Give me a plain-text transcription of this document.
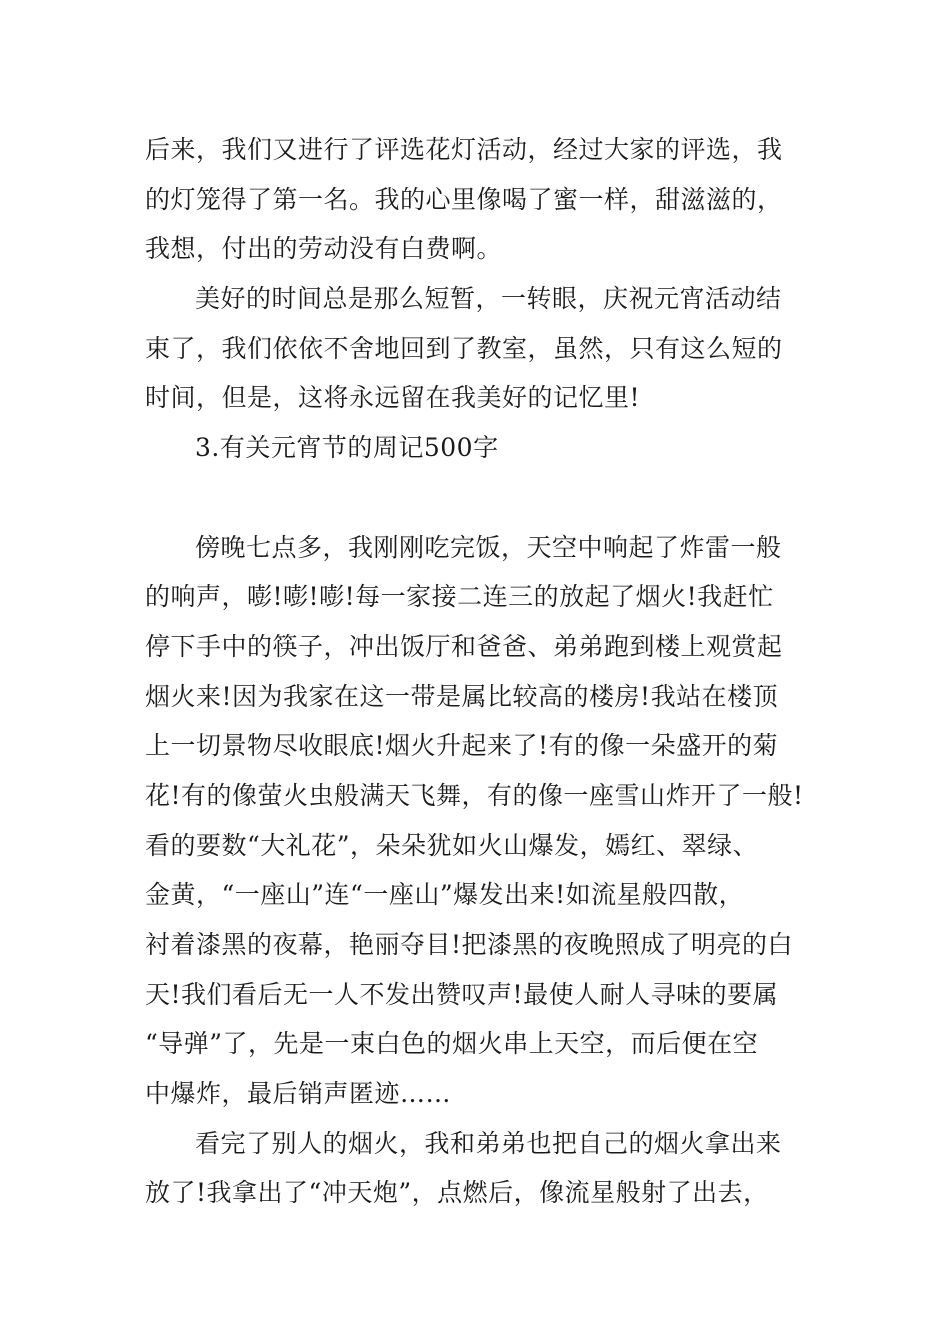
后来，我们又进行了评选花灯活动，经过大家的评选，我
的灯笼得了第一名。我的心里像喝了蜜一样，甜滋滋的，
我想，付出的劳动没有白费啊。
美好的时间总是那么短暂，一转眼，庆祝元宵活动结
束了，我们依依不舍地回到了教室，虽然，只有这么短的
时间，但是，这将永远留在我美好的记忆里!
3.有关元宵节的周记500字
傍晚七点多，我刚刚吃完饭，天空中响起了炸雷一般
的响声，嘭!嘭!嘭!每一家接二连三的放起了烟火!我赶忙
停下手中的筷子，冲出饭厅和爸爸、弟弟跑到楼上观赏起
烟火来!因为我家在这一带是属比较高的楼房!我站在楼顶
上一切景物尽收眼底!烟火升起来了!有的像一朵盛开的菊
花!有的像萤火虫般满天飞舞，有的像一座雪山炸开了一般!
看的要数“大礼花”，朵朵犹如火山爆发，嫣红、翠绿、
金黄，“一座山”连“一座山”爆发出来!如流星般四散，
衬着漆黑的夜幕，艳丽夺目!把漆黑的夜晚照成了明亮的白
天!我们看后无一人不发出赞叹声!最使人耐人寻味的要属
“导弹”了，先是一束白色的烟火串上天空，而后便在空
中爆炸，最后销声匿迹……
看完了别人的烟火，我和弟弟也把自己的烟火拿出来
放了!我拿出了“冲天炮”，点燃后，像流星般射了出去，
